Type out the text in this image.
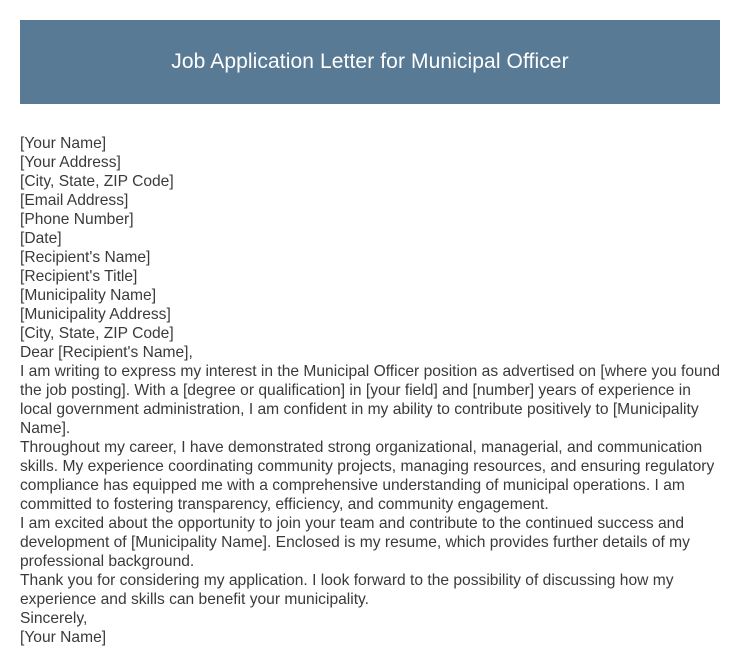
Job Application Letter for Municipal Officer
[Your Name]
[Your Address]
[City, State, ZIP Code]
[Email Address]
[Phone Number]
[Date]
[Recipient's Name]
[Recipient's Title]
[Municipality Name]
[Municipality Address]
[City, State, ZIP Code]
Dear [Recipient's Name],
I am writing to express my interest in the Municipal Officer position as advertised on [where you found the job posting]. With a [degree or qualification] in [your field] and [number] years of experience in local government administration, I am confident in my ability to contribute positively to [Municipality Name].
Throughout my career, I have demonstrated strong organizational, managerial, and communication skills. My experience coordinating community projects, managing resources, and ensuring regulatory compliance has equipped me with a comprehensive understanding of municipal operations. I am committed to fostering transparency, efficiency, and community engagement.
I am excited about the opportunity to join your team and contribute to the continued success and development of [Municipality Name]. Enclosed is my resume, which provides further details of my professional background.
Thank you for considering my application. I look forward to the possibility of discussing how my experience and skills can benefit your municipality.
Sincerely,
[Your Name]
